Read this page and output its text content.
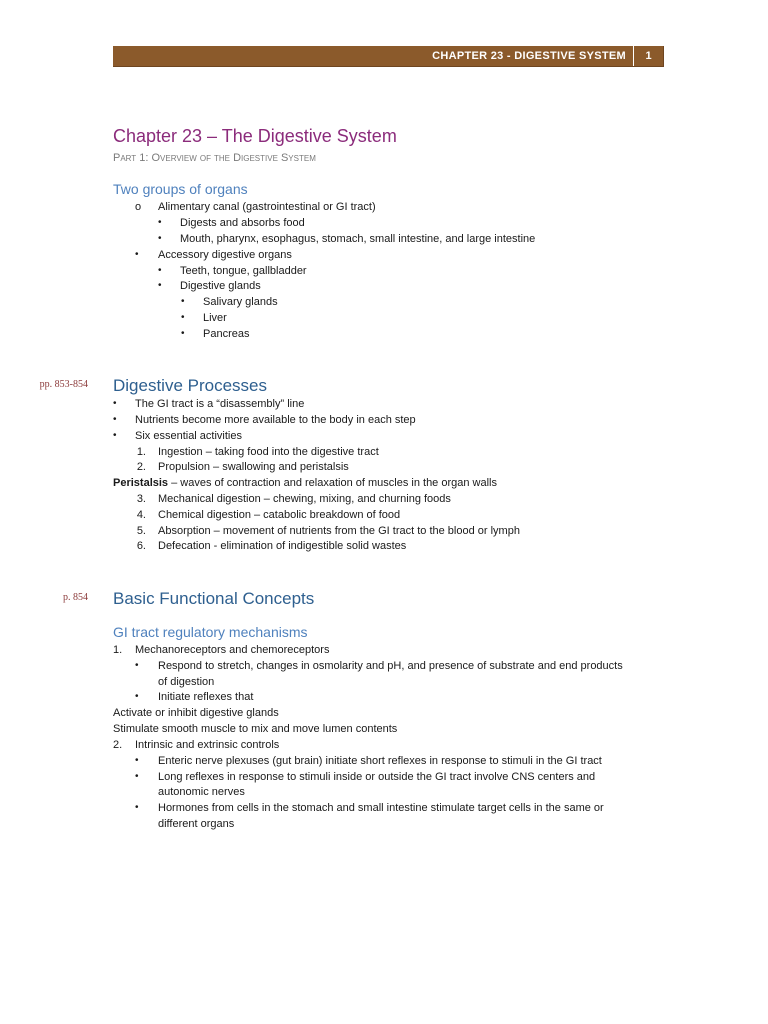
CHAPTER 23 - DIGESTIVE SYSTEM	1
Chapter 23 – The Digestive System
Part 1: Overview of the Digestive System
Two groups of organs
o Alimentary canal (gastrointestinal or GI tract)
• Digests and absorbs food
• Mouth, pharynx, esophagus, stomach, small intestine, and large intestine
• Accessory digestive organs
• Teeth, tongue, gallbladder
• Digestive glands
• Salivary glands
• Liver
• Pancreas
pp. 853-854 Digestive Processes
• The GI tract is a “disassembly” line
• Nutrients become more available to the body in each step
• Six essential activities
1. Ingestion – taking food into the digestive tract
2. Propulsion – swallowing and peristalsis
Peristalsis – waves of contraction and relaxation of muscles in the organ walls
3. Mechanical digestion – chewing, mixing, and churning foods
4. Chemical digestion – catabolic breakdown of food
5. Absorption – movement of nutrients from the GI tract to the blood or lymph
6. Defecation - elimination of indigestible solid wastes
p. 854 Basic Functional Concepts
GI tract regulatory mechanisms
1. Mechanoreceptors and chemoreceptors
• Respond to stretch, changes in osmolarity and pH, and presence of substrate and end products
of digestion
• Initiate reflexes that
Activate or inhibit digestive glands
Stimulate smooth muscle to mix and move lumen contents
2. Intrinsic and extrinsic controls
• Enteric nerve plexuses (gut brain) initiate short reflexes in response to stimuli in the GI tract
• Long reflexes in response to stimuli inside or outside the GI tract involve CNS centers and
autonomic nerves
• Hormones from cells in the stomach and small intestine stimulate target cells in the same or
different organs
